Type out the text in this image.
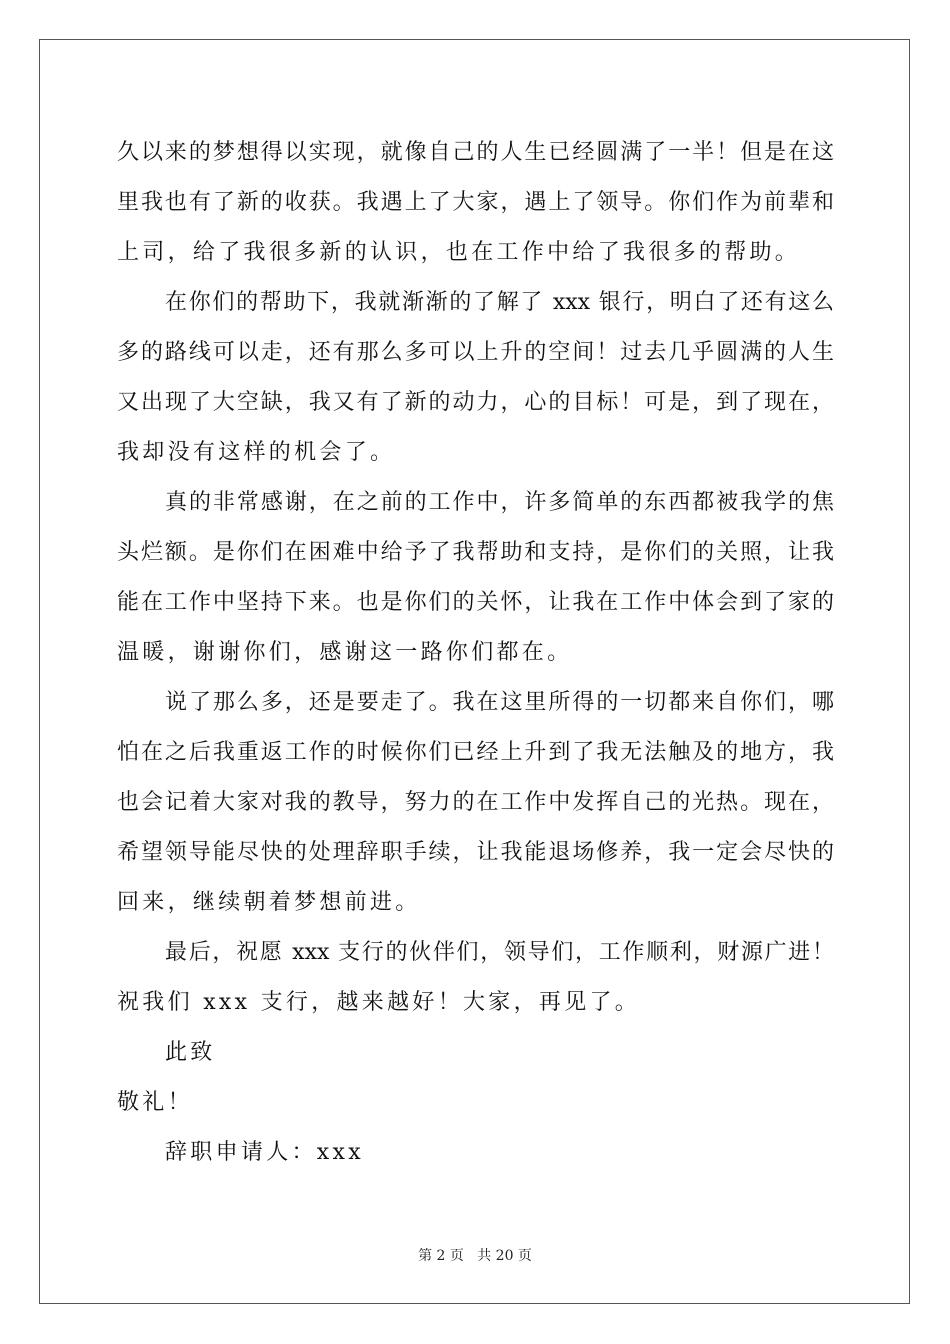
久以来的梦想得以实现，就像自己的人生已经圆满了一半！但是在这
里我也有了新的收获。我遇上了大家，遇上了领导。你们作为前辈和
上司，给了我很多新的认识，也在工作中给了我很多的帮助。
在你们的帮助下，我就渐渐的了解了 xxx 银行，明白了还有这么
多的路线可以走，还有那么多可以上升的空间！过去几乎圆满的人生
又出现了大空缺，我又有了新的动力，心的目标！可是，到了现在，
我却没有这样的机会了。
真的非常感谢，在之前的工作中，许多简单的东西都被我学的焦
头烂额。是你们在困难中给予了我帮助和支持，是你们的关照，让我
能在工作中坚持下来。也是你们的关怀，让我在工作中体会到了家的
温暖，谢谢你们，感谢这一路你们都在。
说了那么多，还是要走了。我在这里所得的一切都来自你们，哪
怕在之后我重返工作的时候你们已经上升到了我无法触及的地方，我
也会记着大家对我的教导，努力的在工作中发挥自己的光热。现在，
希望领导能尽快的处理辞职手续，让我能退场修养，我一定会尽快的
回来，继续朝着梦想前进。
最后，祝愿 xxx 支行的伙伴们，领导们，工作顺利，财源广进！
祝我们 xxx 支行，越来越好！大家，再见了。
此致
敬礼！
辞职申请人：xxx
第 2 页   共 20 页
